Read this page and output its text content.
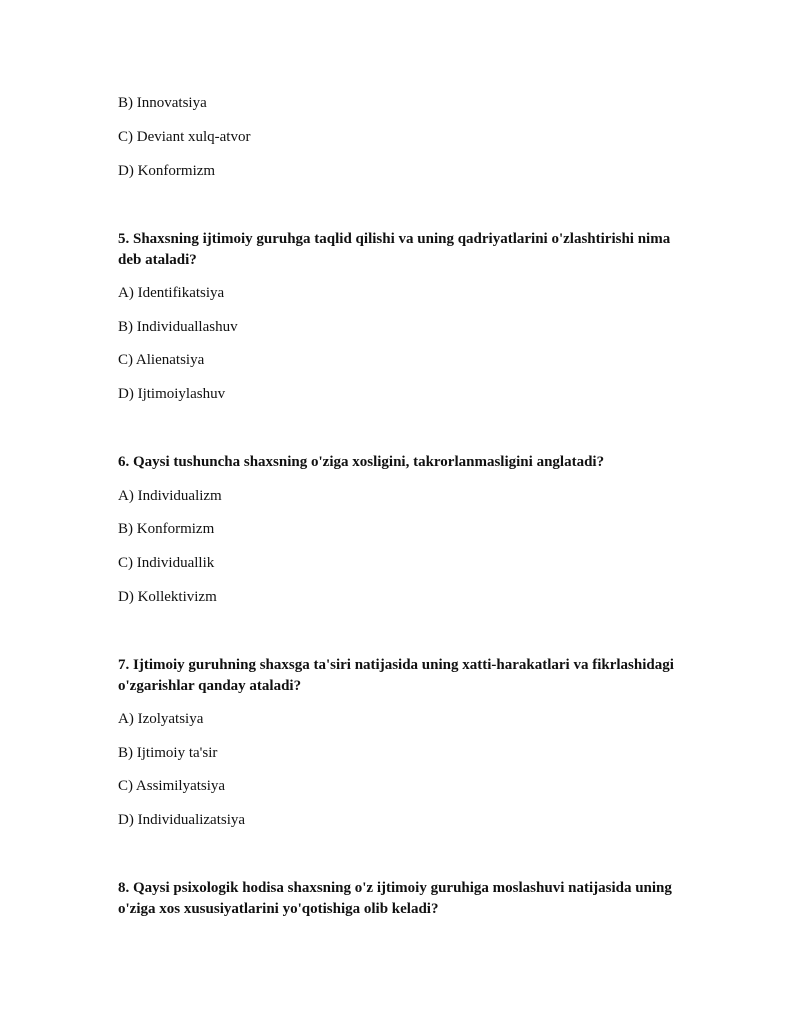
B) Innovatsiya
C) Deviant xulq-atvor
D) Konformizm
5. Shaxsning ijtimoiy guruhga taqlid qilishi va uning qadriyatlarini o'zlashtirishi nima deb ataladi?
A) Identifikatsiya
B) Individuallashuv
C) Alienatsiya
D) Ijtimoiylashuv
6. Qaysi tushuncha shaxsning o'ziga xosligini, takrorlanmasligini anglatadi?
A) Individualizm
B) Konformizm
C) Individuallik
D) Kollektivizm
7. Ijtimoiy guruhning shaxsga ta'siri natijasida uning xatti-harakatlari va fikrlashidagi o'zgarishlar qanday ataladi?
A) Izolyatsiya
B) Ijtimoiy ta'sir
C) Assimilyatsiya
D) Individualizatsiya
8. Qaysi psixologik hodisa shaxsning o'z ijtimoiy guruhiga moslashuvi natijasida uning o'ziga xos xususiyatlarini yo'qotishiga olib keladi?
